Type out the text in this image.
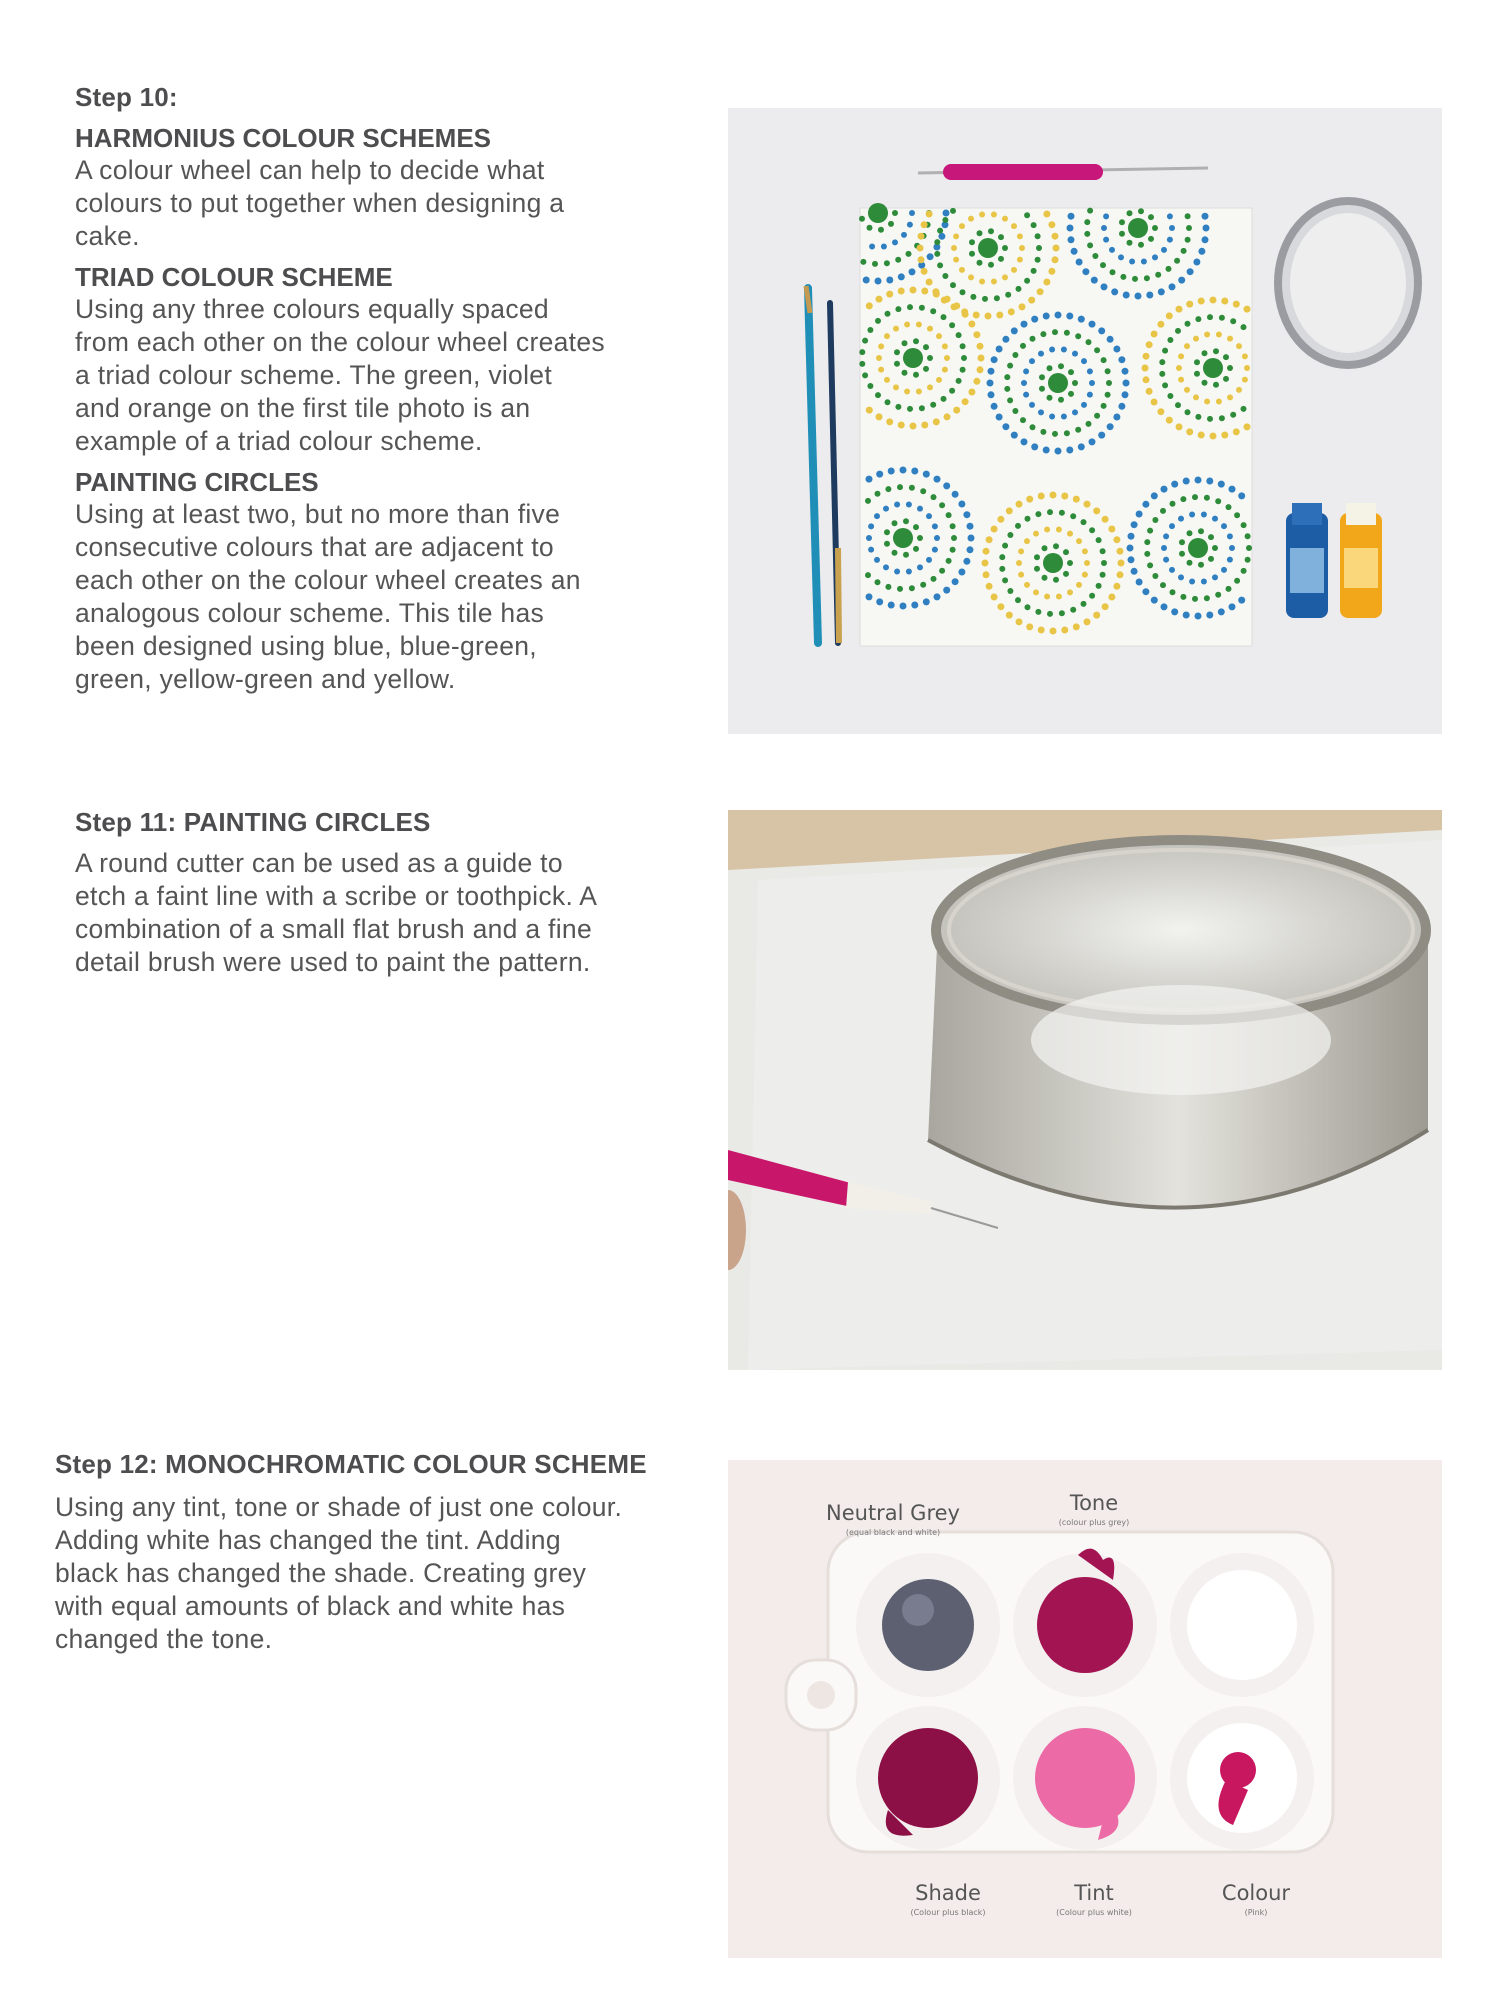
Step 10:
HARMONIUS COLOUR SCHEMES
A colour wheel can help to decide what
colours to put together when designing a
cake.
TRIAD COLOUR SCHEME
Using any three colours equally spaced
from each other on the colour wheel creates
a triad colour scheme. The green, violet
and orange on the first tile photo is an
example of a triad colour scheme.
PAINTING CIRCLES
Using at least two, but no more than five
consecutive colours that are adjacent to
each other on the colour wheel creates an
analogous colour scheme. This tile has
been designed using blue, blue-green,
green, yellow-green and yellow.
Step 11: PAINTING CIRCLES
A round cutter can be used as a guide to
etch a faint line with a scribe or toothpick. A
combination of a small flat brush and a fine
detail brush were used to paint the pattern.
Step 12: MONOCHROMATIC COLOUR SCHEME
Using any tint, tone or shade of just one colour.
Adding white has changed the tint. Adding
black has changed the shade. Creating grey
with equal amounts of black and white has
changed the tone.
Neutral Grey
(equal black and white)
Tone
(colour plus grey)
Shade
(Colour plus black)
Tint
(Colour plus white)
Colour
(Pink)
